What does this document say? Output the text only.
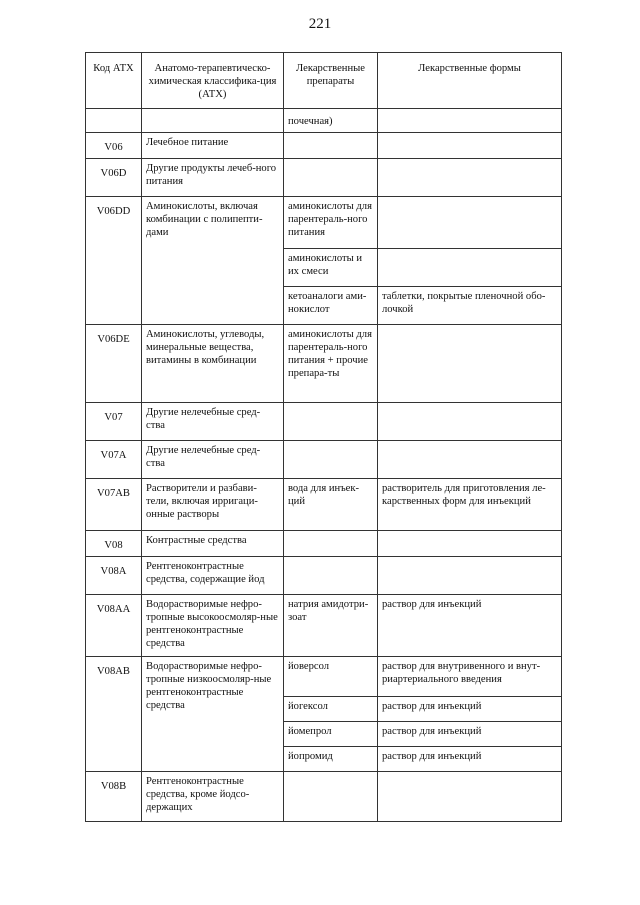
221
Код АТХ	Анатомо-терапевтическо-химическая классифика-ция (АТХ)	Лекарственные препараты	Лекарственные формы
		почечная)	
V06	Лечебное питание		
V06D	Другие продукты лечеб-ного питания		
V06DD	Аминокислоты, включая комбинации с полипепти-дами	аминокислоты для парентераль-ного питания	
		аминокислоты и их смеси	
		кетоаналоги ами-нокислот	таблетки, покрытые пленочной обо-лочкой
V06DE	Аминокислоты, углеводы, минеральные вещества, витамины в комбинации	аминокислоты для парентераль-ного питания + прочие препара-ты	
V07	Другие нелечебные сред-ства		
V07A	Другие нелечебные сред-ства		
V07AB	Растворители и разбави-тели, включая ирригаци-онные растворы	вода для инъек-ций	растворитель для приготовления ле-карственных форм для инъекций
V08	Контрастные средства		
V08A	Рентгеноконтрастные средства, содержащие йод		
V08AA	Водорастворимые нефро-тропные высокоосмоляр-ные рентгеноконтрастные средства	натрия амидотри-зоат	раствор для инъекций
V08AB	Водорастворимые нефро-тропные низкоосмоляр-ные рентгеноконтрастные средства	йоверсол	раствор для внутривенного и внут-риартериального введения
		йогексол	раствор для инъекций
		йомепрол	раствор для инъекций
		йопромид	раствор для инъекций
V08B	Рентгеноконтрастные средства, кроме йодсо-держащих		
